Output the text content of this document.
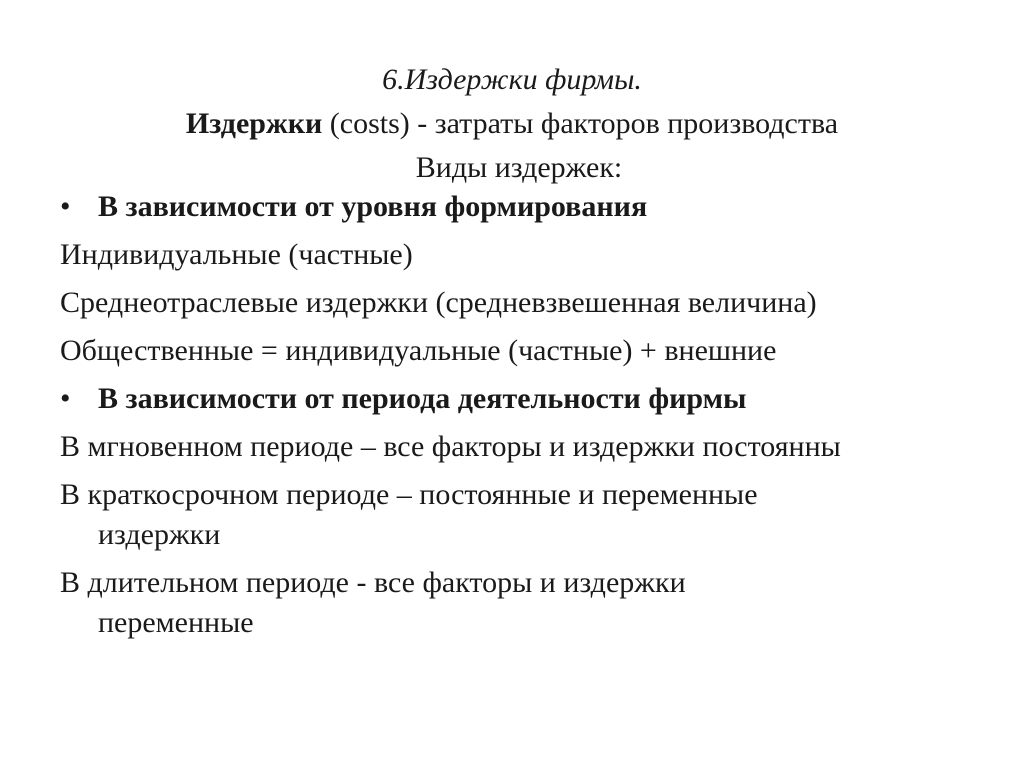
6.Издержки фирмы.
Издержки (costs) - затраты факторов производства
Виды издержек:
• В зависимости от уровня формирования
Индивидуальные (частные)
Среднеотраслевые издержки (средневзвешенная величина)
Общественные = индивидуальные (частные) + внешние
• В зависимости от периода деятельности фирмы
В мгновенном периоде – все факторы и издержки постоянны
В краткосрочном периоде – постоянные и переменные
издержки
В длительном периоде - все факторы и издержки
переменные
